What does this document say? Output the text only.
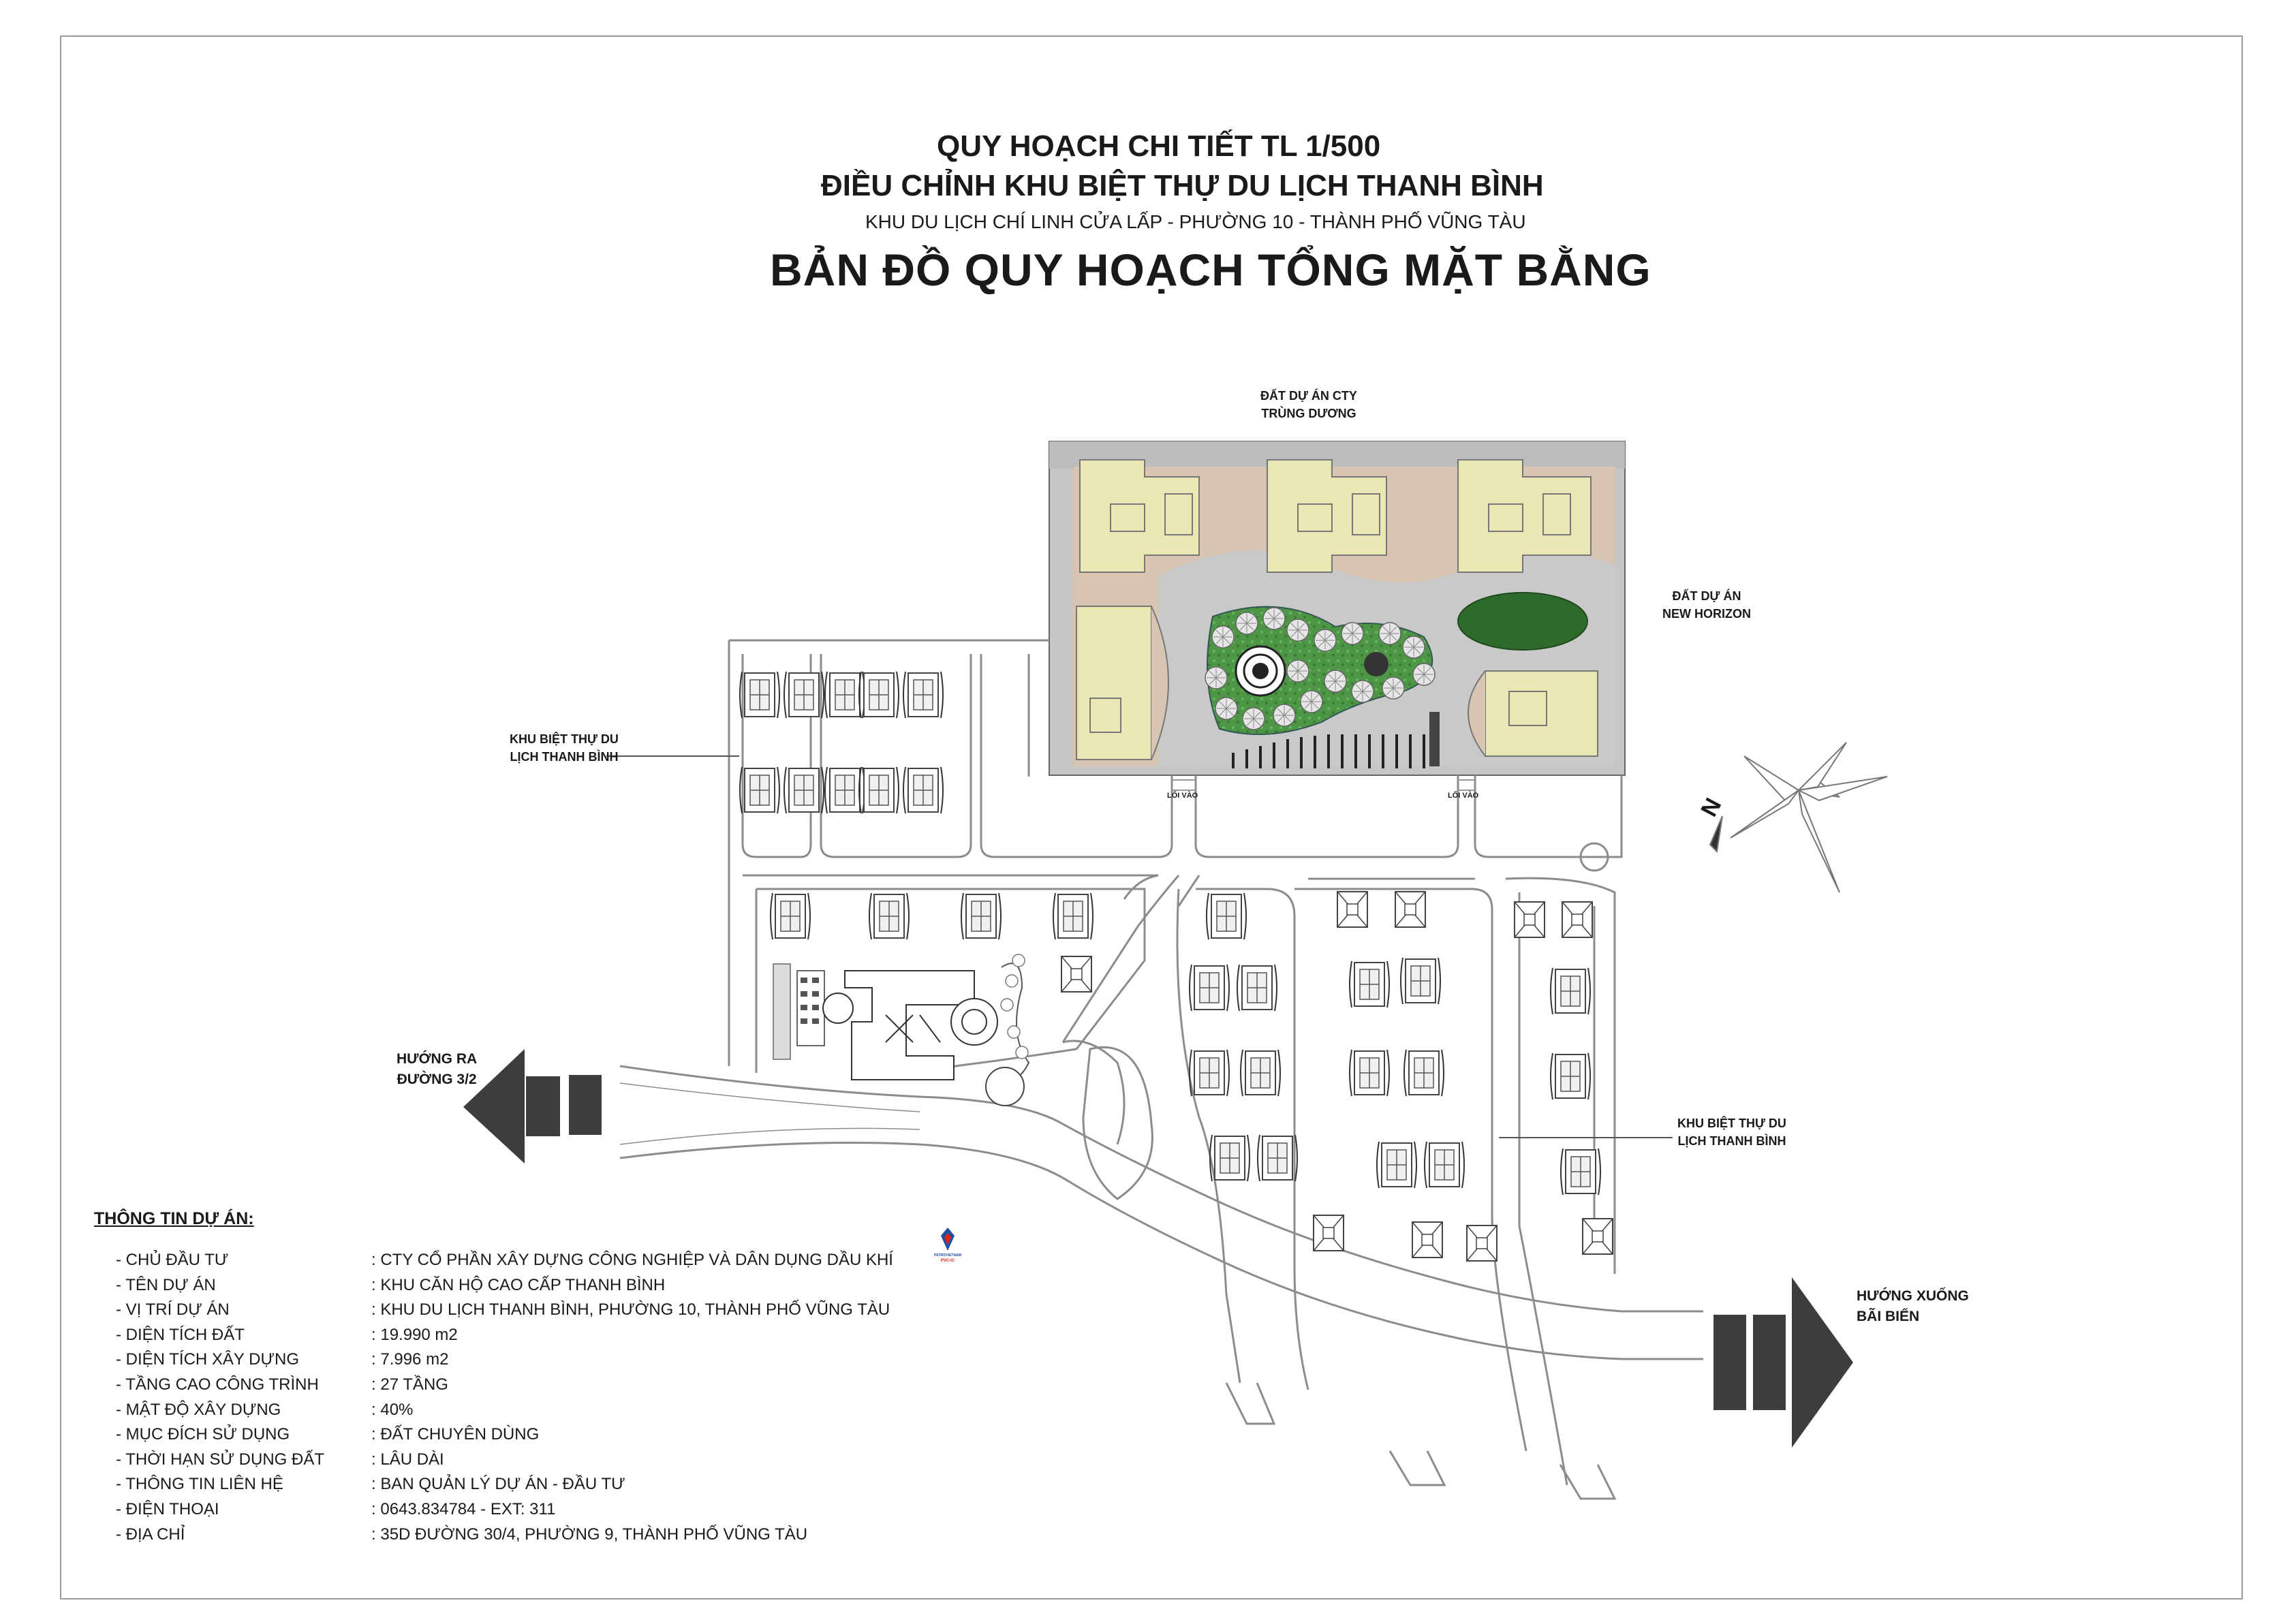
QUY HOẠCH CHI TIẾT TL 1/500
ĐIỀU CHỈNH KHU BIỆT THỰ DU LỊCH THANH BÌNH
KHU DU LỊCH CHÍ LINH CỬA LẤP - PHƯỜNG 10 - THÀNH PHỐ VŨNG TÀU
BẢN ĐỒ QUY HOẠCH TỔNG MẶT BẰNG
ĐẤT DỰ ÁN CTY
TRÙNG DƯƠNG
ĐẤT DỰ ÁN
NEW HORIZON
KHU BIỆT THỰ DU
LỊCH THANH BÌNH
KHU BIỆT THỰ DU
LỊCH THANH BÌNH
LỐI VÀO	LỐI VÀO
HƯỚNG RA
ĐƯỜNG 3/2
HƯỚNG XUỐNG
BÃI BIỂN
N
THÔNG TIN DỰ ÁN:
- CHỦ ĐẦU TƯ	: CTY CỔ PHẦN XÂY DỰNG CÔNG NGHIỆP VÀ DÂN DỤNG DẦU KHÍ
- TÊN DỰ ÁN	: KHU CĂN HỘ CAO CẤP THANH BÌNH
- VỊ TRÍ DỰ ÁN	: KHU DU LỊCH THANH BÌNH, PHƯỜNG 10, THÀNH PHỐ VŨNG TÀU
- DIỆN TÍCH ĐẤT	: 19.990 m2
- DIỆN TÍCH XÂY DỰNG	: 7.996 m2
- TẦNG CAO CÔNG TRÌNH	: 27 TẦNG
- MẬT ĐỘ XÂY DỰNG	: 40%
- MỤC ĐÍCH SỬ DỤNG	: ĐẤT CHUYÊN DÙNG
- THỜI HẠN SỬ DỤNG ĐẤT	: LÂU DÀI
- THÔNG TIN LIÊN HỆ	: BAN QUẢN LÝ DỰ ÁN - ĐẦU TƯ
- ĐIỆN THOẠI	: 0643.834784 - EXT: 311
- ĐỊA CHỈ	: 35D ĐƯỜNG 30/4, PHƯỜNG 9, THÀNH PHỐ VŨNG TÀU
PETROVIETNAM
PVC-IC
